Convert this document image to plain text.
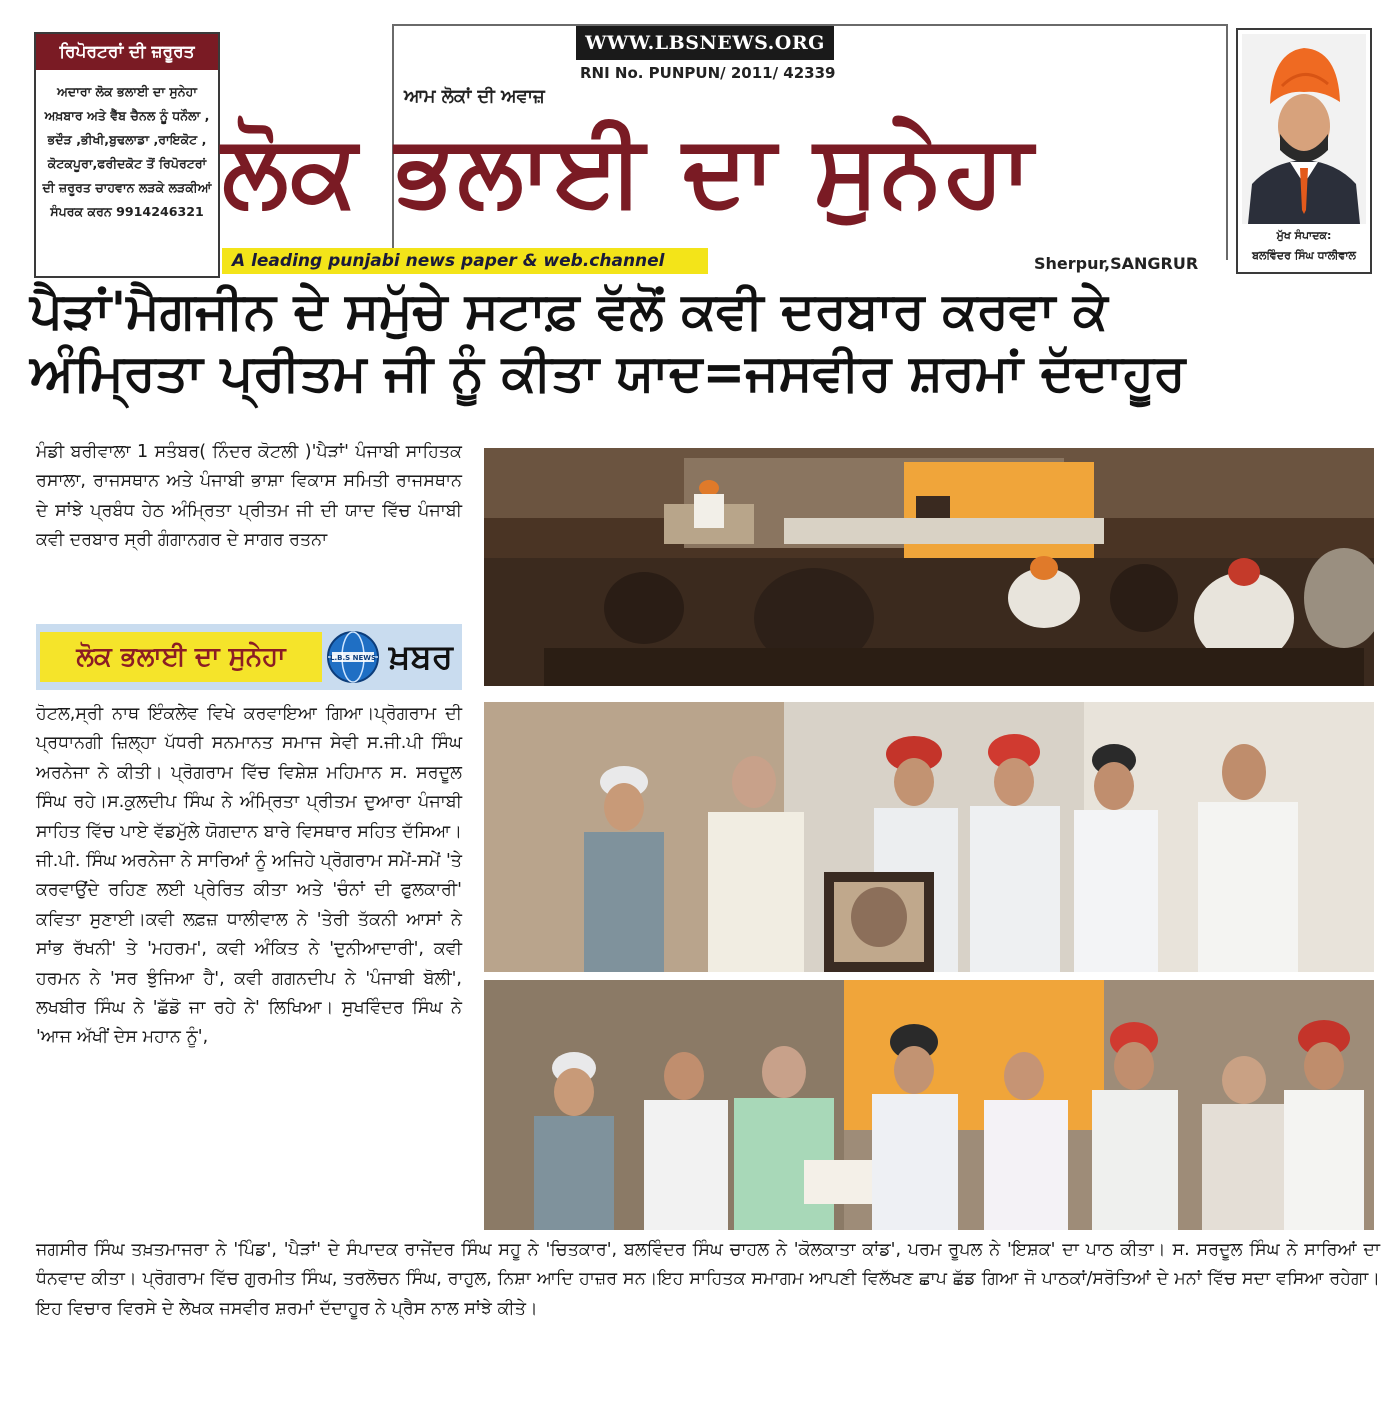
ਰਿਪੋਰਟਰਾਂ ਦੀ ਜ਼ਰੂਰਤ
ਅਦਾਰਾ ਲੋਕ ਭਲਾਈ ਦਾ ਸੁਨੇਹਾ ਅਖ਼ਬਾਰ ਅਤੇ ਵੈੱਬ ਚੈਨਲ ਨੂੰ ਧਨੌਲਾ , ਭਦੌੜ ,ਭੀਖੀ,ਬੁਢਲਾਡਾ ,ਰਾਇਕੋਟ , ਕੋਟਕਪੂਰਾ,ਫਰੀਦਕੋਟ ਤੋਂ ਰਿਪੋਰਟਰਾਂ ਦੀ ਜ਼ਰੂਰਤ ਚਾਹਵਾਨ ਲੜਕੇ ਲੜਕੀਆਂ ਸੰਪਰਕ ਕਰਨ 9914246321
WWW.LBSNEWS.ORG
RNI No. PUNPUN/ 2011/ 42339
ਆਮ ਲੋਕਾਂ ਦੀ ਅਵਾਜ਼
ਲੋਕ ਭਲਾਈ ਦਾ ਸੁਨੇਹਾ
A leading punjabi news paper & web.channel	Sherpur,SANGRUR
ਮੁੱਖ ਸੰਪਾਦਕ:
ਬਲਵਿੰਦਰ ਸਿੰਘ ਧਾਲੀਵਾਲ
ਪੈੜਾਂ'ਮੈਗਜੀਨ ਦੇ ਸਮੁੱਚੇ ਸਟਾਫ਼ ਵੱਲੋਂ ਕਵੀ ਦਰਬਾਰ ਕਰਵਾ ਕੇ
ਅੰਮ੍ਰਿਤਾ ਪ੍ਰੀਤਮ ਜੀ ਨੂੰ ਕੀਤਾ ਯਾਦ=ਜਸਵੀਰ ਸ਼ਰਮਾਂ ਦੱਦਾਹੂਰ

ਮੰਡੀ ਬਰੀਵਾਲਾ 1 ਸਤੰਬਰ( ਨਿੰਦਰ ਕੋਟਲੀ )'ਪੈੜਾਂ' ਪੰਜਾਬੀ ਸਾਹਿਤਕ ਰਸਾਲਾ, ਰਾਜਸਥਾਨ ਅਤੇ ਪੰਜਾਬੀ ਭਾਸ਼ਾ ਵਿਕਾਸ ਸਮਿਤੀ ਰਾਜਸਥਾਨ ਦੇ ਸਾਂਝੇ ਪ੍ਰਬੰਧ ਹੇਠ ਅੰਮ੍ਰਿਤਾ ਪ੍ਰੀਤਮ ਜੀ ਦੀ ਯਾਦ ਵਿੱਚ ਪੰਜਾਬੀ ਕਵੀ ਦਰਬਾਰ ਸ੍ਰੀ ਗੰਗਾਨਗਰ ਦੇ ਸਾਗਰ ਰਤਨਾ

ਲੋਕ ਭਲਾਈ ਦਾ ਸੁਨੇਹਾ	L.B.S NEWS ਖ਼ਬਰ

ਹੋਟਲ,ਸ੍ਰੀ ਨਾਥ ਇੰਕਲੇਵ ਵਿਖੇ ਕਰਵਾਇਆ ਗਿਆ।ਪ੍ਰੋਗਰਾਮ ਦੀ ਪ੍ਰਧਾਨਗੀ ਜ਼ਿਲ੍ਹਾ ਪੱਧਰੀ ਸਨਮਾਨਤ ਸਮਾਜ ਸੇਵੀ ਸ.ਜੀ.ਪੀ ਸਿੰਘ ਅਰਨੇਜਾ ਨੇ ਕੀਤੀ। ਪ੍ਰੋਗਰਾਮ ਵਿੱਚ ਵਿਸ਼ੇਸ਼ ਮਹਿਮਾਨ ਸ. ਸਰਦੂਲ ਸਿੰਘ ਰਹੇ।ਸ.ਕੁਲਦੀਪ ਸਿੰਘ ਨੇ ਅੰਮ੍ਰਿਤਾ ਪ੍ਰੀਤਮ ਦੁਆਰਾ ਪੰਜਾਬੀ ਸਾਹਿਤ ਵਿੱਚ ਪਾਏ ਵੱਡਮੁੱਲੇ ਯੋਗਦਾਨ ਬਾਰੇ ਵਿਸਥਾਰ ਸਹਿਤ ਦੱਸਿਆ।ਜੀ.ਪੀ. ਸਿੰਘ ਅਰਨੇਜਾ ਨੇ ਸਾਰਿਆਂ ਨੂੰ ਅਜਿਹੇ ਪ੍ਰੋਗਰਾਮ ਸਮੇਂ-ਸਮੇਂ 'ਤੇ ਕਰਵਾਉਂਦੇ ਰਹਿਣ ਲਈ ਪ੍ਰੇਰਿਤ ਕੀਤਾ ਅਤੇ 'ਚੰਨਾਂ ਦੀ ਫੁਲਕਾਰੀ' ਕਵਿਤਾ ਸੁਣਾਈ।ਕਵੀ ਲਫ਼ਜ਼ ਧਾਲੀਵਾਲ ਨੇ 'ਤੇਰੀ ਤੱਕਨੀ ਆਸਾਂ ਨੇ ਸਾਂਭ ਰੱਖਨੀ' ਤੇ 'ਮਹਰਮ', ਕਵੀ ਅੰਕਿਤ ਨੇ 'ਦੁਨੀਆਦਾਰੀ', ਕਵੀ ਹਰਮਨ ਨੇ 'ਸਰ ਝੁੰਜਿਆ ਹੈ', ਕਵੀ ਗਗਨਦੀਪ ਨੇ 'ਪੰਜਾਬੀ ਬੋਲੀ', ਲਖਬੀਰ ਸਿੰਘ ਨੇ 'ਛੱਡੋ ਜਾ ਰਹੇ ਨੇ' ਲਿਖਿਆ। ਸੁਖਵਿੰਦਰ ਸਿੰਘ ਨੇ 'ਆਜ ਅੱਖੀਂ ਦੇਸ ਮਹਾਨ ਨੂੰ',

ਜਗਸੀਰ ਸਿੰਘ ਤਖ਼ਤਮਾਜਰਾ ਨੇ 'ਪਿੰਡ', 'ਪੈੜਾਂ' ਦੇ ਸੰਪਾਦਕ ਰਾਜੇਂਦਰ ਸਿੰਘ ਸਹੂ ਨੇ 'ਚਿਤਕਾਰ', ਬਲਵਿੰਦਰ ਸਿੰਘ ਚਾਹਲ ਨੇ 'ਕੋਲਕਾਤਾ ਕਾਂਡ', ਪਰਮ ਰੂਪਲ ਨੇ 'ਇਸ਼ਕ' ਦਾ ਪਾਠ ਕੀਤਾ। ਸ. ਸਰਦੂਲ ਸਿੰਘ ਨੇ ਸਾਰਿਆਂ ਦਾ ਧੰਨਵਾਦ ਕੀਤਾ। ਪ੍ਰੋਗਰਾਮ ਵਿੱਚ ਗੁਰਮੀਤ ਸਿੰਘ, ਤਰਲੋਚਨ ਸਿੰਘ, ਰਾਹੁਲ, ਨਿਸ਼ਾ ਆਦਿ ਹਾਜ਼ਰ ਸਨ।ਇਹ ਸਾਹਿਤਕ ਸਮਾਗਮ ਆਪਣੀ ਵਿਲੱਖਣ ਛਾਪ ਛੱਡ ਗਿਆ ਜੋ ਪਾਠਕਾਂ/ਸਰੋਤਿਆਂ ਦੇ ਮਨਾਂ ਵਿੱਚ ਸਦਾ ਵਸਿਆ ਰਹੇਗਾ।ਇਹ ਵਿਚਾਰ ਵਿਰਸੇ ਦੇ ਲੇਖਕ ਜਸਵੀਰ ਸ਼ਰਮਾਂ ਦੱਦਾਹੂਰ ਨੇ ਪ੍ਰੈਸ ਨਾਲ ਸਾਂਝੇ ਕੀਤੇ।
